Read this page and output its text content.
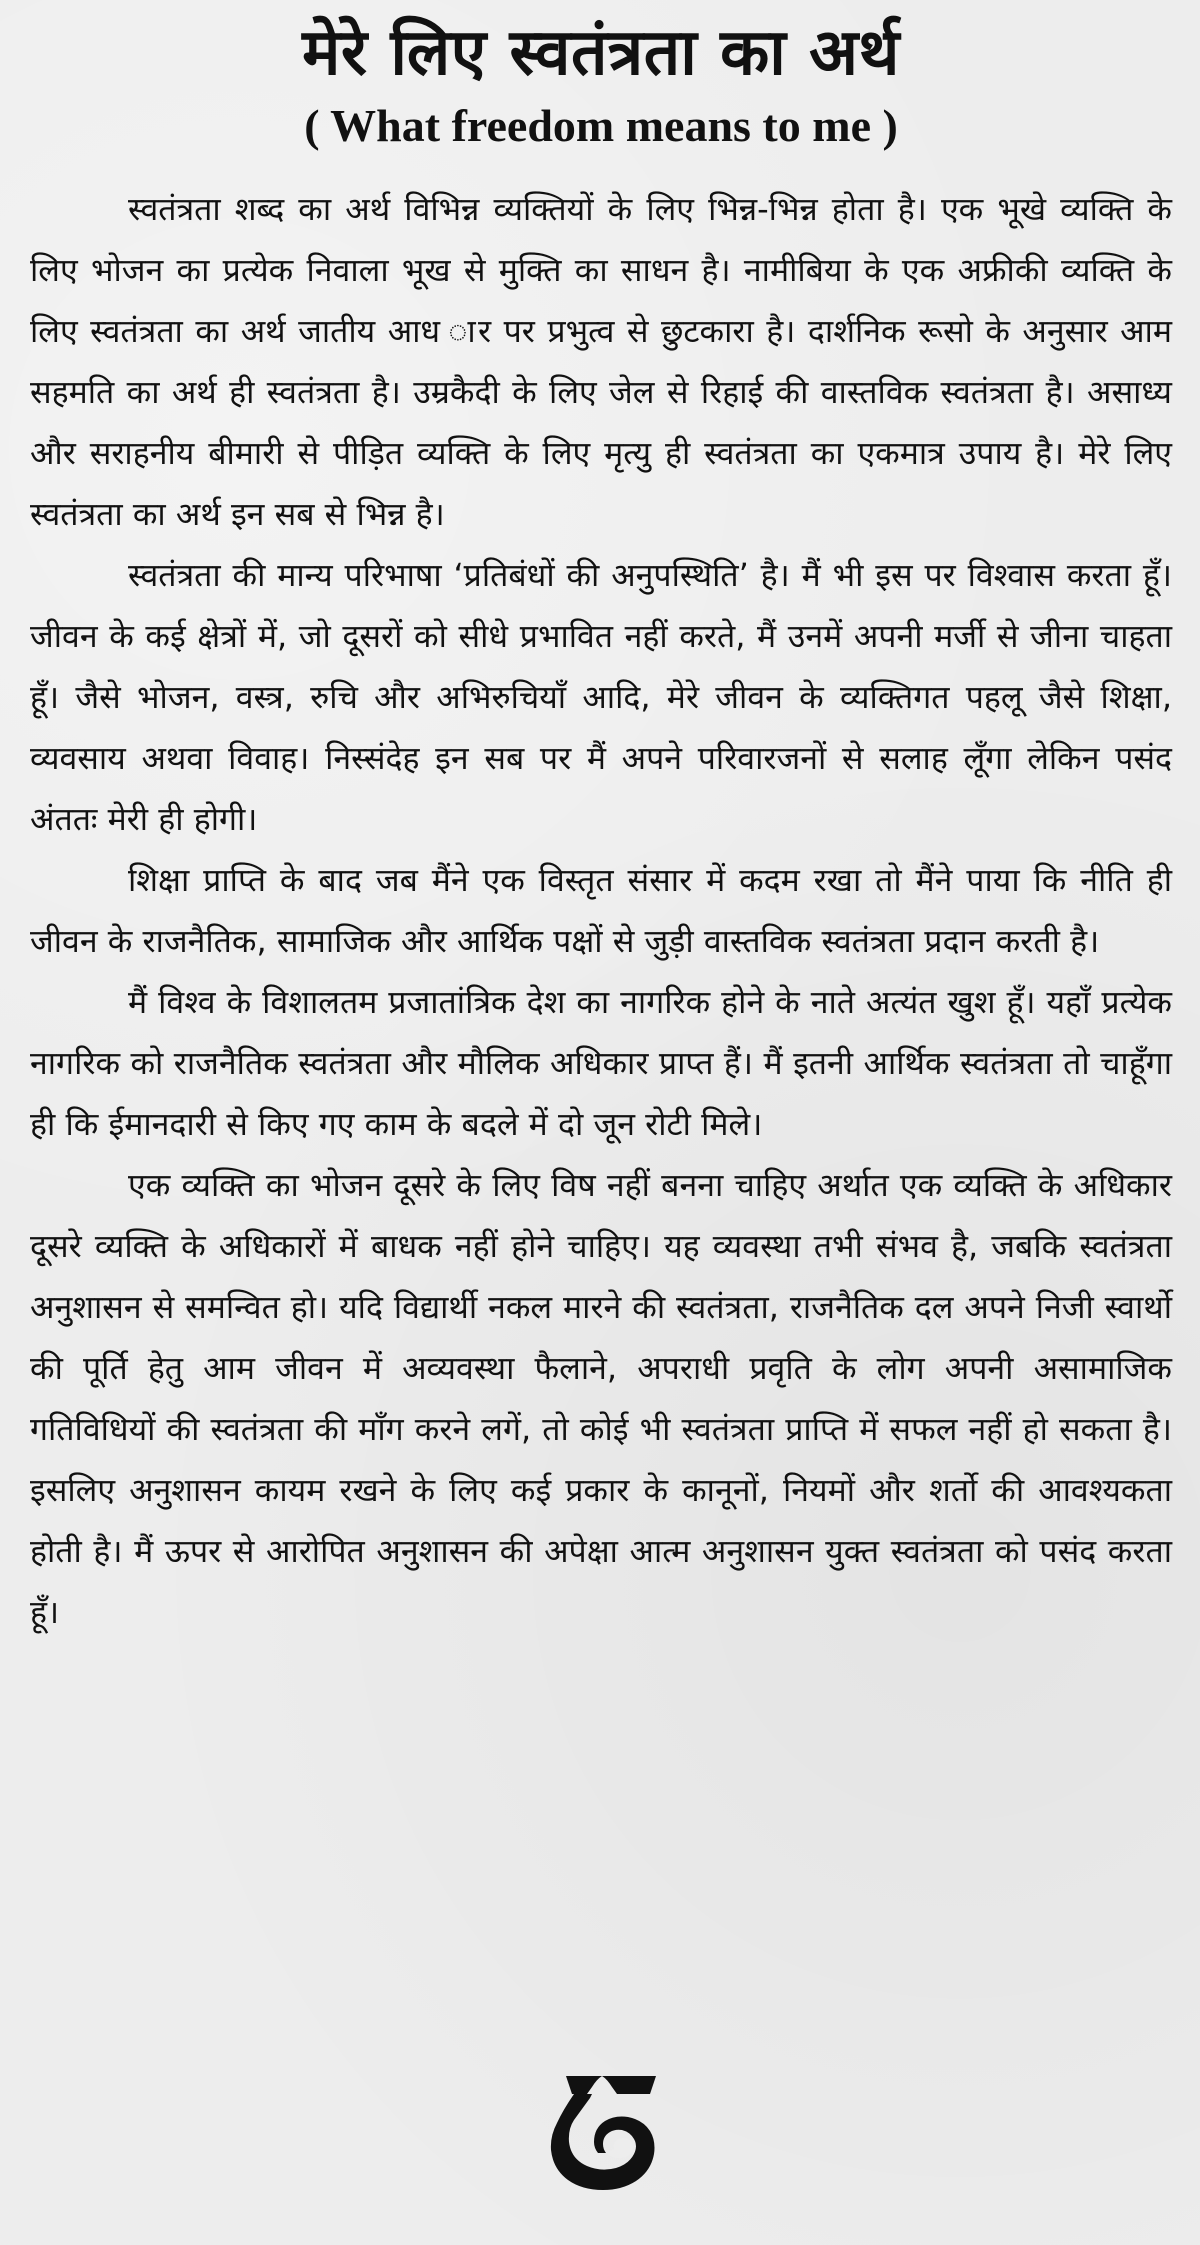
मेरे लिए स्वतंत्रता का अर्थ
( What freedom means to me )

स्वतंत्रता शब्द का अर्थ विभिन्न व्यक्तियों के लिए भिन्न-भिन्न होता है। एक भूखे व्यक्ति के लिए भोजन का प्रत्येक निवाला भूख से मुक्ति का साधन है। नामीबिया के एक अफ्रीकी व्यक्ति के लिए स्वतंत्रता का अर्थ जातीय आध ार पर प्रभुत्व से छुटकारा है। दार्शनिक रूसो के अनुसार आम सहमति का अर्थ ही स्वतंत्रता है। उम्रकैदी के लिए जेल से रिहाई की वास्तविक स्वतंत्रता है। असाध्य और सराहनीय बीमारी से पीड़ित व्यक्ति के लिए मृत्यु ही स्वतंत्रता का एकमात्र उपाय है। मेरे लिए स्वतंत्रता का अर्थ इन सब से भिन्न है।

स्वतंत्रता की मान्य परिभाषा ‘प्रतिबंधों की अनुपस्थिति’ है। मैं भी इस पर विश्वास करता हूँ। जीवन के कई क्षेत्रों में, जो दूसरों को सीधे प्रभावित नहीं करते, मैं उनमें अपनी मर्जी से जीना चाहता हूँ। जैसे भोजन, वस्त्र, रुचि और अभिरुचियाँ आदि, मेरे जीवन के व्यक्तिगत पहलू जैसे शिक्षा, व्यवसाय अथवा विवाह। निस्संदेह इन सब पर मैं अपने परिवारजनों से सलाह लूँगा लेकिन पसंद अंततः मेरी ही होगी।

शिक्षा प्राप्ति के बाद जब मैंने एक विस्तृत संसार में कदम रखा तो मैंने पाया कि नीति ही जीवन के राजनैतिक, सामाजिक और आर्थिक पक्षों से जुड़ी वास्तविक स्वतंत्रता प्रदान करती है।

मैं विश्व के विशालतम प्रजातांत्रिक देश का नागरिक होने के नाते अत्यंत खुश हूँ। यहाँ प्रत्येक नागरिक को राजनैतिक स्वतंत्रता और मौलिक अधिकार प्राप्त हैं। मैं इतनी आर्थिक स्वतंत्रता तो चाहूँगा ही कि ईमानदारी से किए गए काम के बदले में दो जून रोटी मिले।

एक व्यक्ति का भोजन दूसरे के लिए विष नहीं बनना चाहिए अर्थात एक व्यक्ति के अधिकार दूसरे व्यक्ति के अधिकारों में बाधक नहीं होने चाहिए। यह व्यवस्था तभी संभव है, जबकि स्वतंत्रता अनुशासन से समन्वित हो। यदि विद्यार्थी नकल मारने की स्वतंत्रता, राजनैतिक दल अपने निजी स्वार्थो की पूर्ति हेतु आम जीवन में अव्यवस्था फैलाने, अपराधी प्रवृति के लोग अपनी असामाजिक गतिविधियों की स्वतंत्रता की माँग करने लगें, तो कोई भी स्वतंत्रता प्राप्ति में सफल नहीं हो सकता है। इसलिए अनुशासन कायम रखने के लिए कई प्रकार के कानूनों, नियमों और शर्तो की आवश्यकता होती है। मैं ऊपर से आरोपित अनुशासन की अपेक्षा आत्म अनुशासन युक्त स्वतंत्रता को पसंद करता हूँ।
